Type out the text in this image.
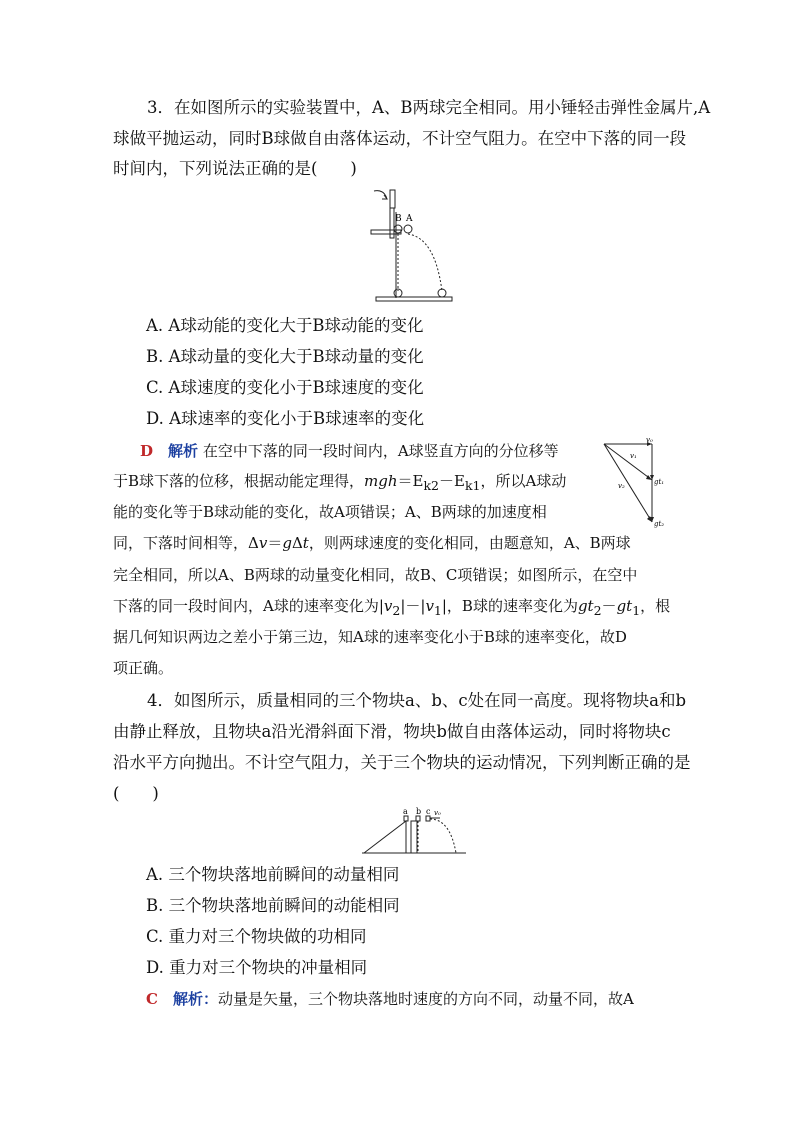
3．在如图所示的实验装置中，A、B两球完全相同。用小锤轻击弹性金属片,A
球做平抛运动，同时B球做自由落体运动，不计空气阻力。在空中下落的同一段
时间内，下列说法正确的是(　　)
B A
A. A球动能的变化大于B球动能的变化
B. A球动量的变化大于B球动量的变化
C. A球速度的变化小于B球速度的变化
D. A球速率的变化小于B球速率的变化
D　 解析 在空中下落的同一段时间内，A球竖直方向的分位移等
于B球下落的位移，根据动能定理得，$mgh=E_{k2}-E_{k1}$，所以A球动
能的变化等于B球动能的变化，故A项错误；A、B两球的加速度相
同，下落时间相等，Δv＝gΔt，则两球速度的变化相同，由题意知，A、B两球
完全相同，所以A、B两球的动量变化相同，故B、C项错误；如图所示，在空中
下落的同一段时间内，A球的速率变化为$|v_2|-|v_1|$，B球的速率变化为$gt_2-gt_1$，根
据几何知识两边之差小于第三边，知A球的速率变化小于B球的速率变化，故D
项正确。
v₀
v₁
v₂	gt₁
gt₂
4．如图所示，质量相同的三个物块a、b、c处在同一高度。现将物块a和b
由静止释放，且物块a沿光滑斜面下滑，物块b做自由落体运动，同时将物块c
沿水平方向抛出。不计空气阻力，关于三个物块的运动情况，下列判断正确的是
(　　)
a b c v₀
A. 三个物块落地前瞬间的动量相同
B. 三个物块落地前瞬间的动能相同
C. 重力对三个物块做的功相同
D. 重力对三个物块的冲量相同
C　 解析：动量是矢量，三个物块落地时速度的方向不同，动量不同，故A
